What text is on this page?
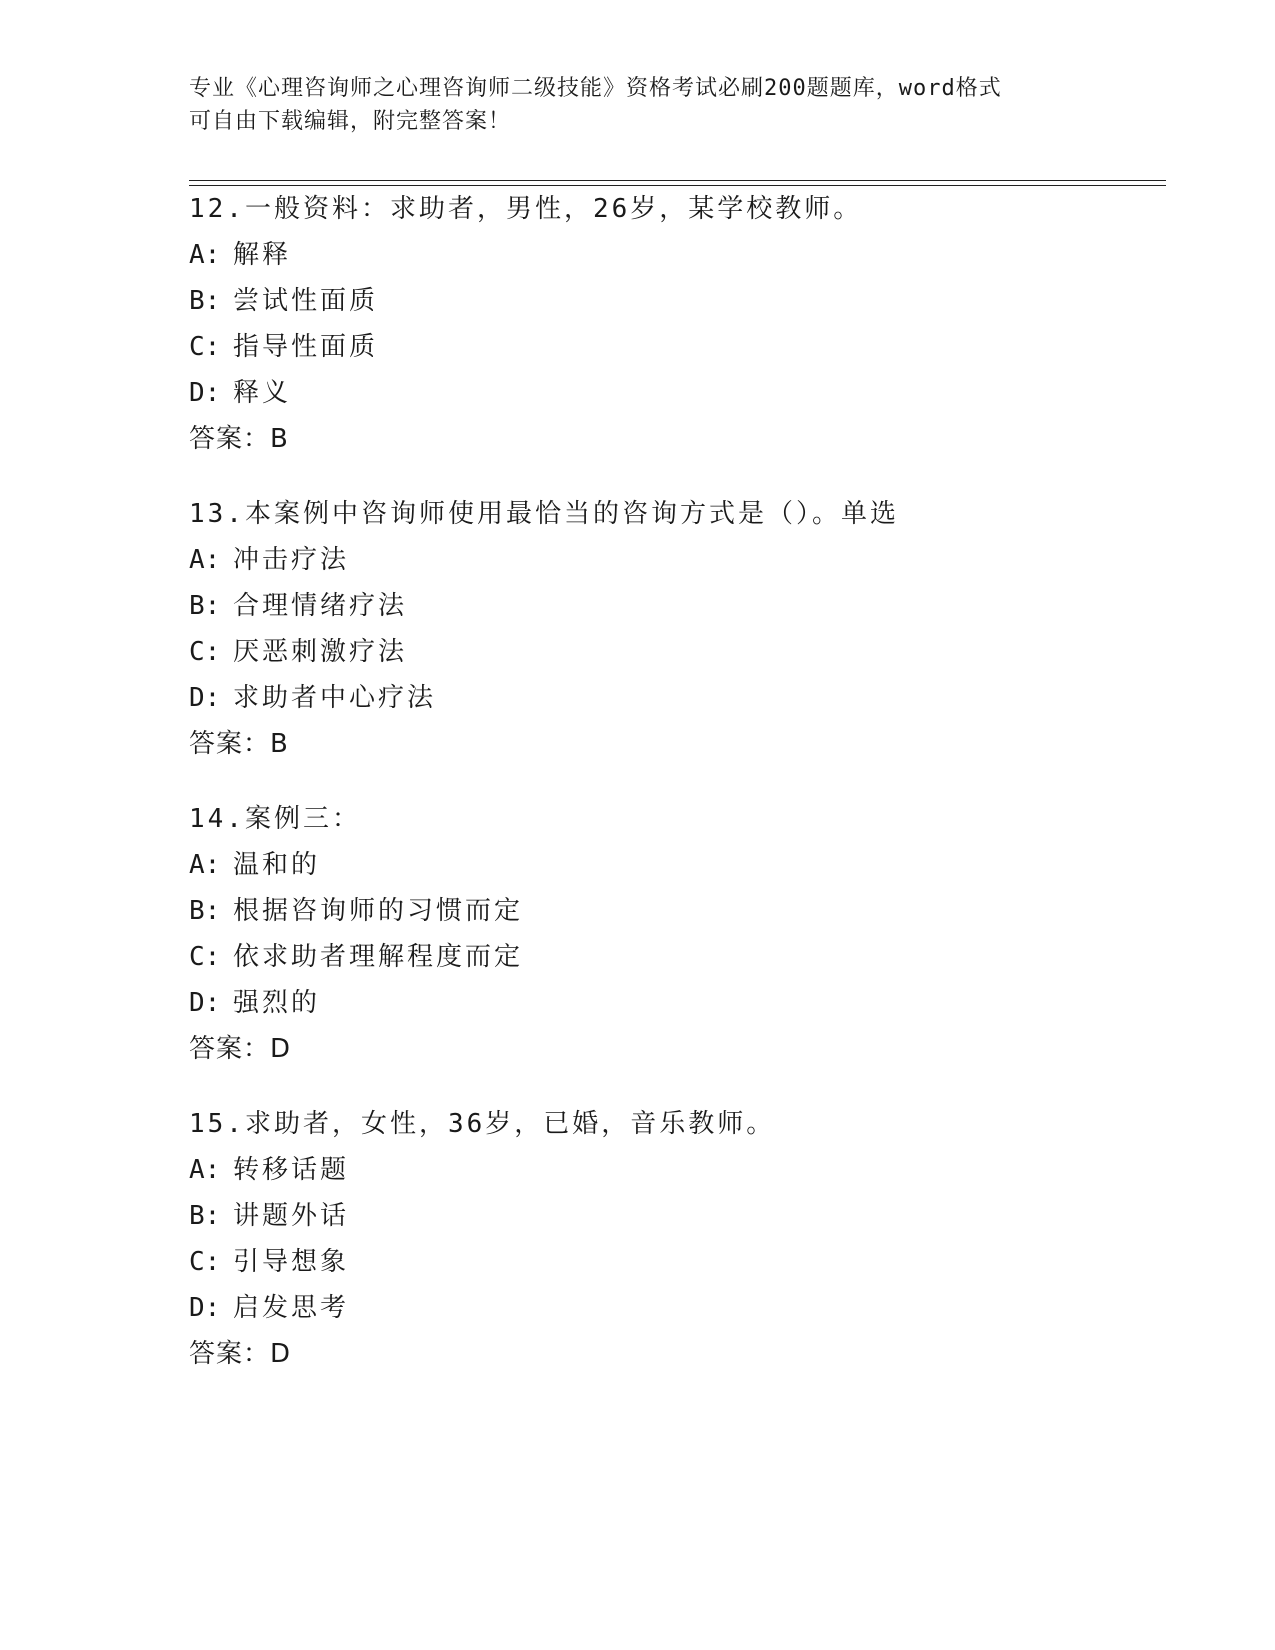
专业《心理咨询师之心理咨询师二级技能》资格考试必刷200题题库，word格式
可自由下载编辑，附完整答案！
12.一般资料：求助者，男性，26岁，某学校教师。
A: 解释
B: 尝试性面质
C: 指导性面质
D: 释义
答案：B
13.本案例中咨询师使用最恰当的咨询方式是（）。单选
A: 冲击疗法
B: 合理情绪疗法
C: 厌恶刺激疗法
D: 求助者中心疗法
答案：B
14.案例三：
A: 温和的
B: 根据咨询师的习惯而定
C: 依求助者理解程度而定
D: 强烈的
答案：D
15.求助者，女性，36岁，已婚，音乐教师。
A: 转移话题
B: 讲题外话
C: 引导想象
D: 启发思考
答案：D
